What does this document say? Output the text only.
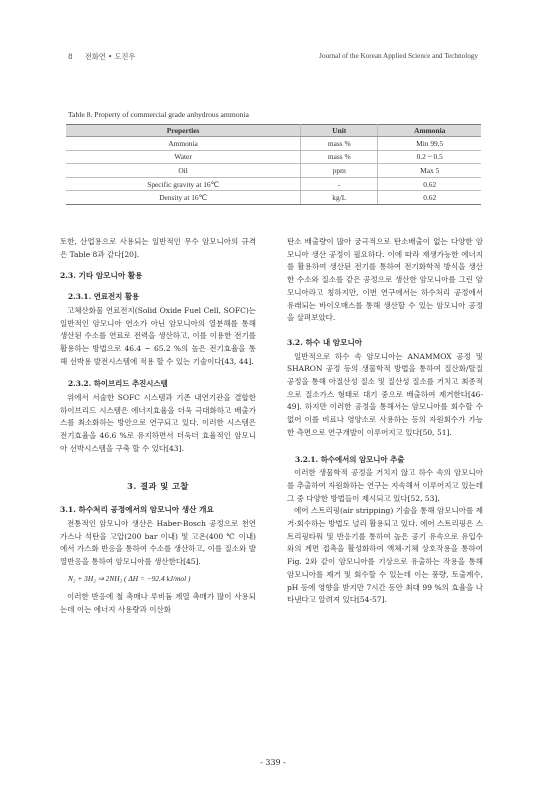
8 전화연 • 도진우	Journal of the Korean Applied Science and Technology
Table 8. Property of commercial grade anhydrous ammonia
Properties	Unit	Ammonia
Ammonia	mass %	Min 99.5
Water	mass %	0.2 ~ 0.5
Oil	ppm	Max 5
Specific gravity at 16℃	-	0.62
Density at 16℃	kg/L	0.62

토한, 산업용으로 사용되는 일반적인 무수 암모니아의 규격은 Table 8과 같다[20].

2.3. 기타 암모니아 활용
2.3.1. 연료전지 활용

고체산화물 연료전지(Solid Oxide Fuel Cell, SOFC)는 일반적인 암모니아 연소가 아닌 암모니아의 열분해를 통해 생산된 수소를 연료로 전력을 생산하고, 이를 이용한 전기를 활용하는 방법으로 46.4 ~ 65.2 %의 높은 전기효율을 통해 선박용 발전시스템에 적용 할 수 있는 기술이다[43, 44].

2.3.2. 하이브리드 추진시스템

위에서 서술한 SOFC 시스템과 기존 내연기관을 결합한 하이브리드 시스템은 에너지효율을 더욱 극대화하고 배출가스를 최소화하는 방안으로 연구되고 있다. 이러한 시스템은 전기효율을 46.6 %로 유지하면서 더욱더 효율적인 암모니아 선박시스템을 구축 할 수 있다[43].

3. 결과 및 고찰
3.1. 하수처리 공정에서의 암모니아 생산 개요

전통적인 암모니아 생산은 Haber-Bosch 공정으로 천연가스나 석탄을 고압(200 bar 이내) 및 고온(400 ℃ 이내)에서 가스화 반응을 통하여 수소를 생산하고, 이를 질소와 발열반응을 통하여 암모니아를 생산한다[45].

N₂ + 3H₂ ⇒ 2NH₃ ( ΔH = −92.4 kJ/mol )

이러한 반응에 철 촉매나 루비듐 계열 촉매가 많이 사용되는데 이는 에너지 사용량과 이산화

탄소 배출량이 많아 궁극적으로 탄소배출이 없는 다양한 암모니아 생산 공정이 필요하다. 이에 따라 재생가능한 에너지를 활용하여 생산된 전기를 통하여 전기화학적 방식을 생산한 수소와 질소를 같은 공정으로 생산한 암모니아를 그린 암모니아라고 칭하지만, 이번 연구에서는 하수처리 공정에서 유래되는 바이오매스를 통해 생산할 수 있는 암모니아 공정을 살펴보았다.

3.2. 하수 내 암모니아

일반적으로 하수 속 암모니아는 ANAMMOX 공정 및 SHARON 공정 등의 생물학적 방법을 통하여 질산화/탈질공정을 통해 아질산성 질소 및 질산성 질소를 거치고 최종적으로 질소가스 형태로 대기 중으로 배출하여 제거한다[46-49]. 하지만 이러한 공정을 통해서는 암모니아를 회수할 수 없어 이를 비료나 영양소로 사용하는 등의 자원회수가 가능한 측면으로 연구개발이 이루어지고 있다[50, 51].

3.2.1. 하수에서의 암모니아 추출

이러한 생물학적 공정을 거치지 않고 하수 속의 암모니아를 추출하여 자원화하는 연구는 지속해서 이루어지고 있는데 그 중 다양한 방법들이 제시되고 있다[52, 53].

에어 스트리핑(air stripping) 기술을 통해 암모니아를 제거·회수하는 방법도 널리 활용되고 있다. 에어 스트리핑은 스트리핑타워 및 반응기를 통하여 높은 공기 유속으로 유입수와의 계면 접촉을 활성화하여 액체-기체 상호작용을 통하여 Fig. 2와 같이 암모니아를 기상으로 유출하는 작용을 통해 암모니아를 제거 및 회수할 수 있는데 이는 풍량, 토출계수, pH 등에 영향을 받지만 7시간 동안 최대 99 %의 효율을 나타낸다고 알려져 있다[54-57].

- 339 -
